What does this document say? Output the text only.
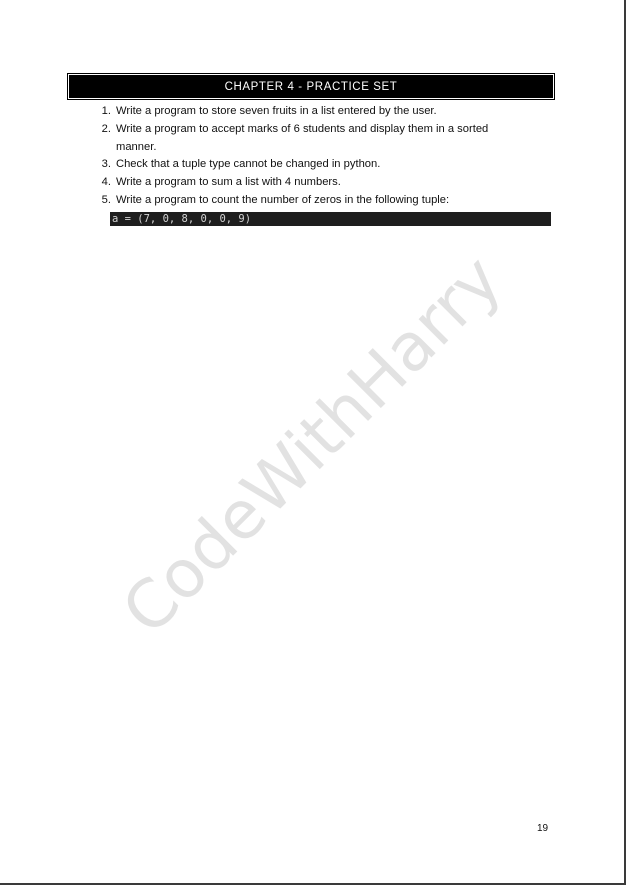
CodeWithHarry
CHAPTER 4 - PRACTICE SET
1. Write a program to store seven fruits in a list entered by the user.
2. Write a program to accept marks of 6 students and display them in a sorted manner.
3. Check that a tuple type cannot be changed in python.
4. Write a program to sum a list with 4 numbers.
5. Write a program to count the number of zeros in the following tuple:
a = (7, 0, 8, 0, 0, 9)
19
